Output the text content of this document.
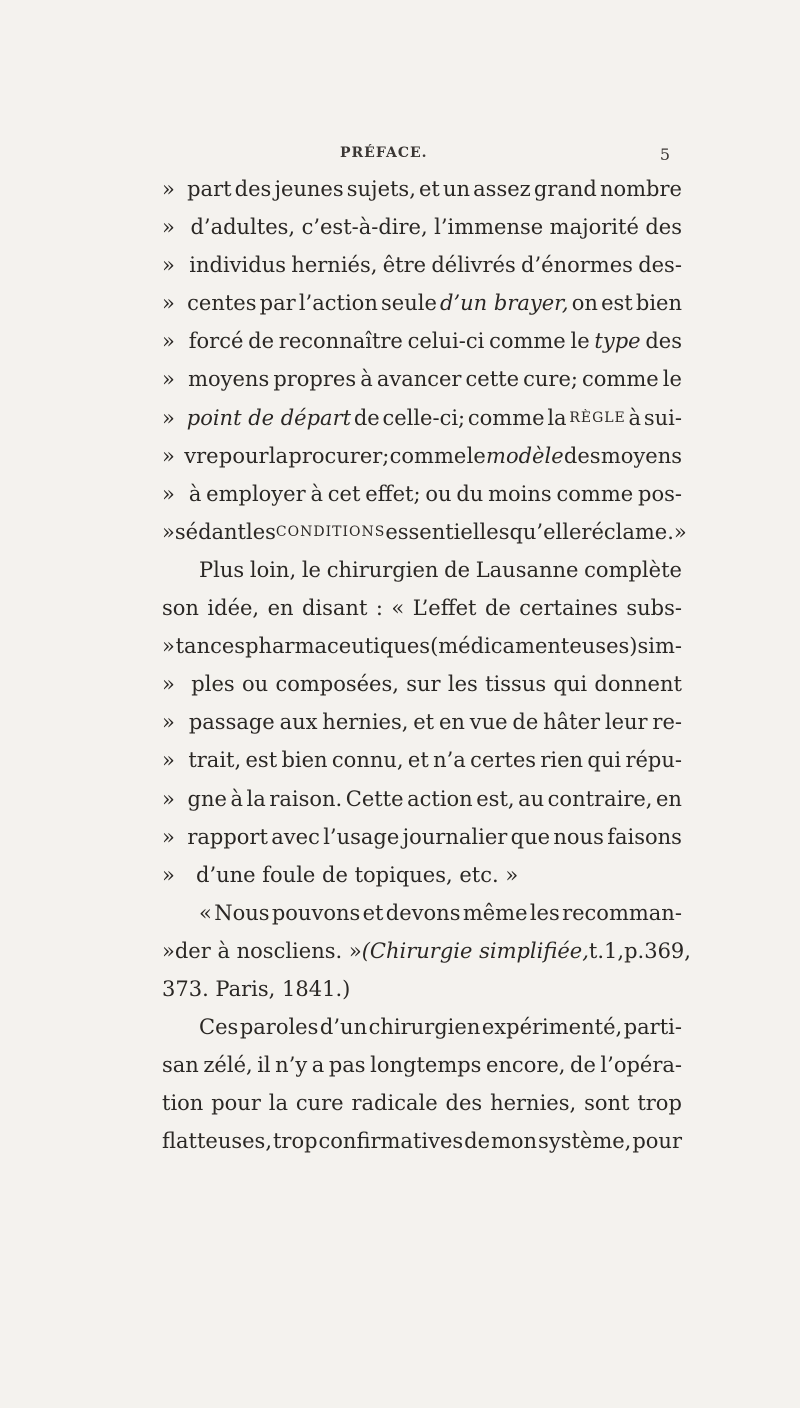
PRÉFACE.	5
» part des jeunes sujets, et un assez grand nombre
» d’adultes, c’est-à-dire, l’immense majorité des
» individus herniés, être délivrés d’énormes des-
» centes par l’action seule d’un brayer, on est bien
» forcé de reconnaître celui-ci comme le type des
» moyens propres à avancer cette cure; comme le
» point de départ de celle-ci; comme la RÈGLE à sui-
» vre pour la procurer; comme le modèle des moyens
» à employer à cet effet; ou du moins comme pos-
» sédant les CONDITIONS essentielles qu’elle réclame.»
Plus loin, le chirurgien de Lausanne complète
son idée, en disant : « L’effet de certaines subs-
» tances pharmaceutiques (médicamenteuses) sim-
» ples ou composées, sur les tissus qui donnent
» passage aux hernies, et en vue de hâter leur re-
» trait, est bien connu, et n’a certes rien qui répu-
» gne à la raison. Cette action est, au contraire, en
» rapport avec l’usage journalier que nous faisons
»	d’une foule de topiques, etc. »
« Nous pouvons et devons même les recomman-
» der à noscliens. » (Chirurgie simplifiée, t. 1, p. 369,
373. Paris, 1841.)
Ces paroles d’un chirurgien expérimenté, parti-
san zélé, il n’y a pas longtemps encore, de l’opéra-
tion pour la cure radicale des hernies, sont trop
flatteuses, trop confirmatives de mon système, pour
